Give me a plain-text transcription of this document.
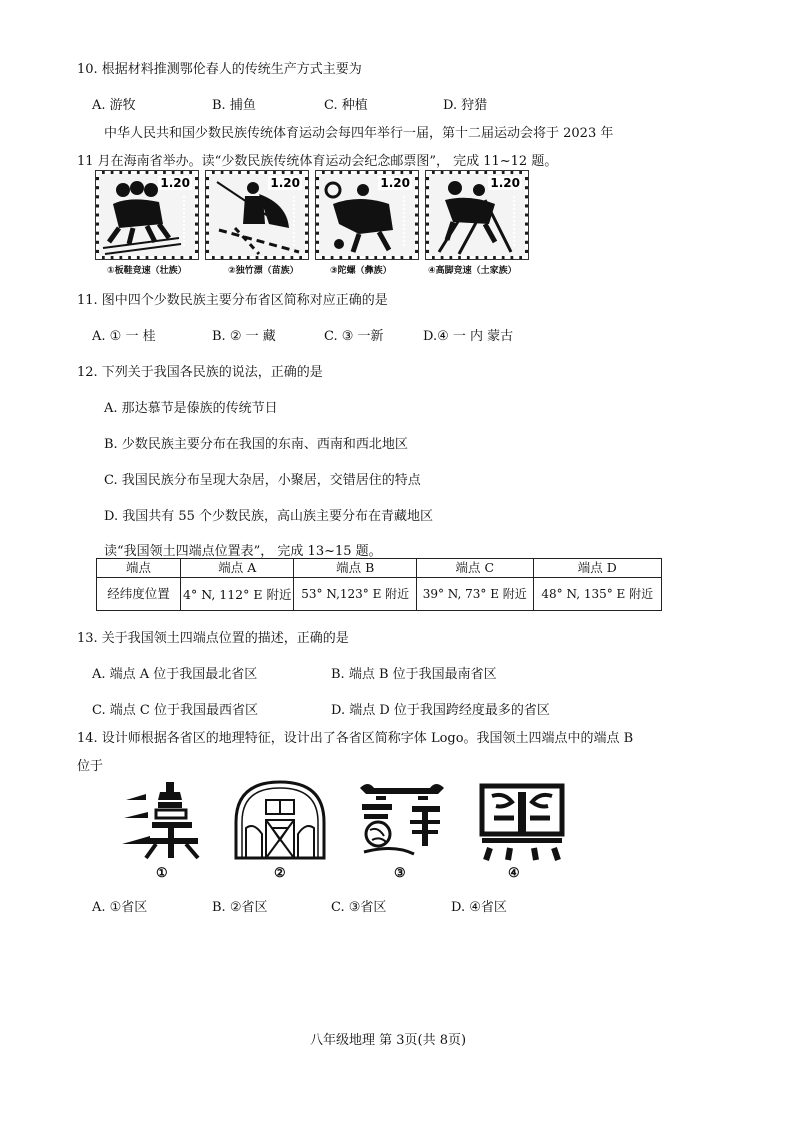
10. 根据材料推测鄂伦春人的传统生产方式主要为
A. 游牧	B. 捕鱼	C. 种植	D. 狩猎
中华人民共和国少数民族传统体育运动会每四年举行一届，第十二届运动会将于 2023 年
11 月在海南省举办。读“少数民族传统体育运动会纪念邮票图”， 完成 11~12 题。
1.20	1.20	1.20	1.20
①板鞋竞速（壮族）	②独竹漂（苗族）	③陀螺（彝族）	④高脚竞速（土家族）
11. 图中四个少数民族主要分布省区简称对应正确的是
A. ① 一 桂	B. ② 一 藏	C. ③ 一新	D.④ 一 内 蒙古
12. 下列关于我国各民族的说法，正确的是
A. 那达慕节是傣族的传统节日
B. 少数民族主要分布在我国的东南、西南和西北地区
C. 我国民族分布呈现大杂居，小聚居，交错居住的特点
D. 我国共有 55 个少数民族，高山族主要分布在青藏地区
读“我国领土四端点位置表”， 完成 13~15 题。
端点	端点 A	端点 B	端点 C	端点 D
经纬度位置	4° N, 112° E 附近	53° N,123° E 附近	39° N, 73° E 附近	48° N, 135° E 附近
13. 关于我国领土四端点位置的描述，正确的是
A. 端点 A 位于我国最北省区	B. 端点 B 位于我国最南省区
C. 端点 C 位于我国最西省区	D. 端点 D 位于我国跨经度最多的省区
14. 设计师根据各省区的地理特征，设计出了各省区简称字体 Logo。我国领土四端点中的端点 B
位于
①	②	③	④
A. ①省区	B. ②省区	C. ③省区	D. ④省区
八年级地理 第 3页(共 8页)
